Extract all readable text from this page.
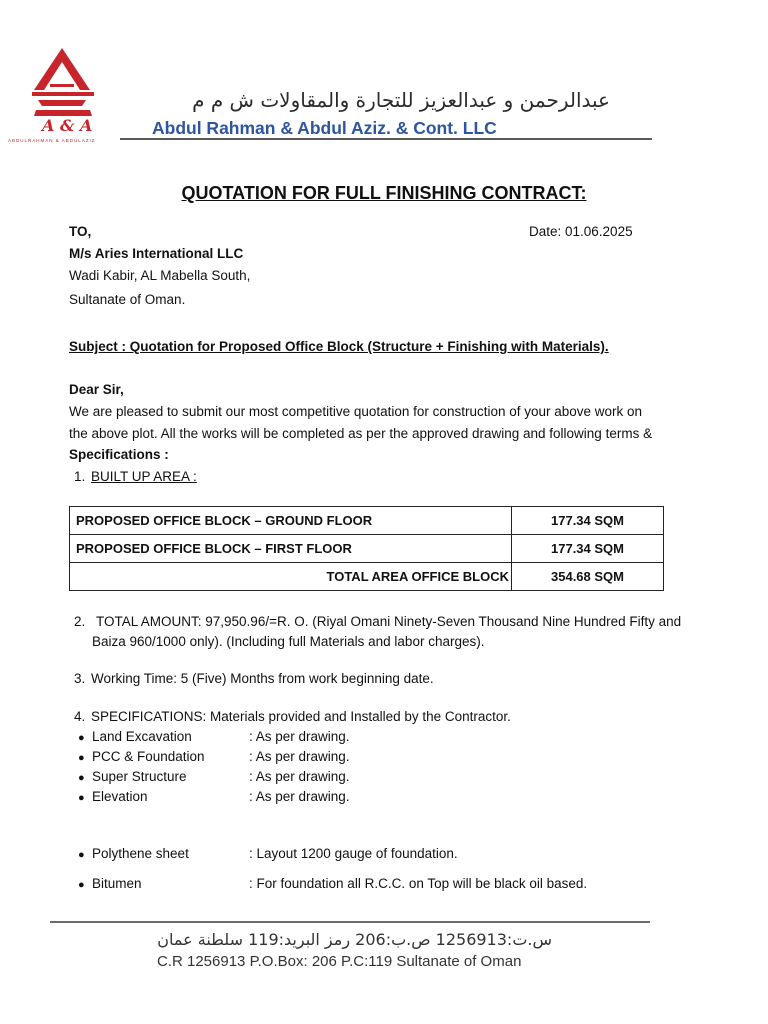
A & A
ABDULRAHMAN & ABDULAZIZ
عبدالرحمن و عبدالعزيز للتجارة والمقاولات ش م م
Abdul Rahman & Abdul Aziz. & Cont. LLC
QUOTATION FOR FULL FINISHING CONTRACT:
TO,	Date: 01.06.2025
M/s Aries International LLC
Wadi Kabir, AL Mabella South,
Sultanate of Oman.
Subject : Quotation for Proposed Office Block (Structure + Finishing with Materials).
Dear Sir,
We are pleased to submit our most competitive quotation for construction of your above work on
the above plot. All the works will be completed as per the approved drawing and following terms &
Specifications :
1. BUILT UP AREA :
PROPOSED OFFICE BLOCK – GROUND FLOOR	177.34 SQM
PROPOSED OFFICE BLOCK – FIRST FLOOR	177.34 SQM
TOTAL AREA OFFICE BLOCK	354.68 SQM
2. TOTAL AMOUNT: 97,950.96/=R. O. (Riyal Omani Ninety-Seven Thousand Nine Hundred Fifty and
Baiza 960/1000 only). (Including full Materials and labor charges).
3. Working Time: 5 (Five) Months from work beginning date.
4. SPECIFICATIONS: Materials provided and Installed by the Contractor.
● Land Excavation	: As per drawing.
● PCC & Foundation	: As per drawing.
● Super Structure	: As per drawing.
● Elevation	: As per drawing.
● Polythene sheet	: Layout 1200 gauge of foundation.
● Bitumen	: For foundation all R.C.C. on Top will be black oil based.
س.ت:1256913 ص.ب:206 رمز البريد:119 سلطنة عمان
C.R 1256913 P.O.Box: 206 P.C:119 Sultanate of Oman
